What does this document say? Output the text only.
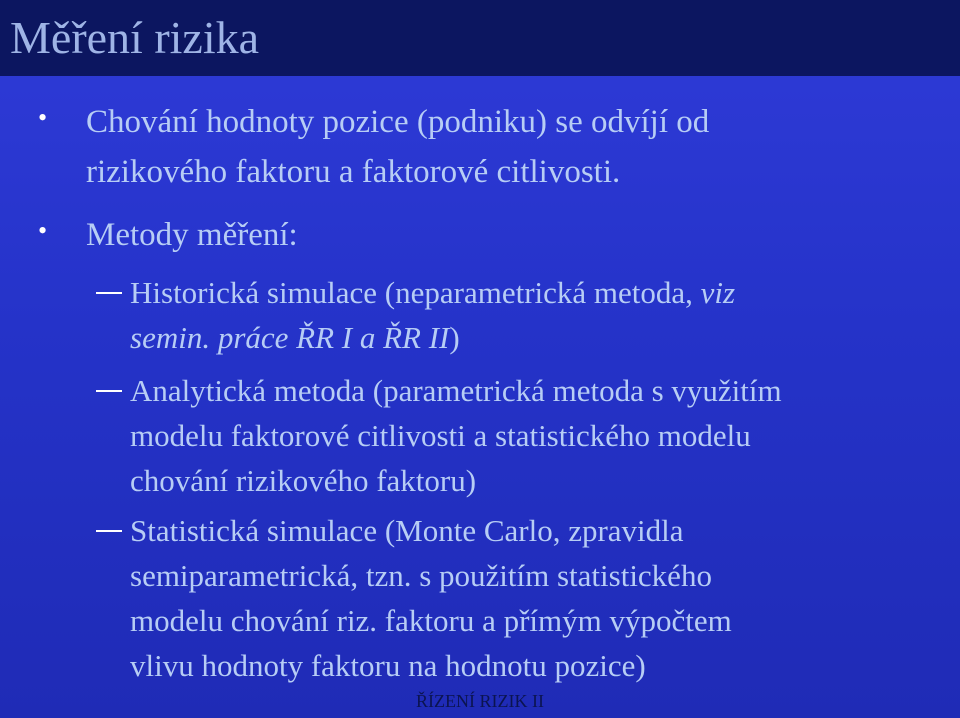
Měření rizika
• Chování hodnoty pozice (podniku) se odvíjí od
rizikového faktoru a faktorové citlivosti.
• Metody měření:
Historická simulace (neparametrická metoda, viz
semin. práce ŘR I a ŘR II)
Analytická metoda (parametrická metoda s využitím
modelu faktorové citlivosti a statistického modelu
chování rizikového faktoru)
Statistická simulace (Monte Carlo, zpravidla
semiparametrická, tzn. s použitím statistického
modelu chování riz. faktoru a přímým výpočtem
vlivu hodnoty faktoru na hodnotu pozice)
ŘÍZENÍ RIZIK II
